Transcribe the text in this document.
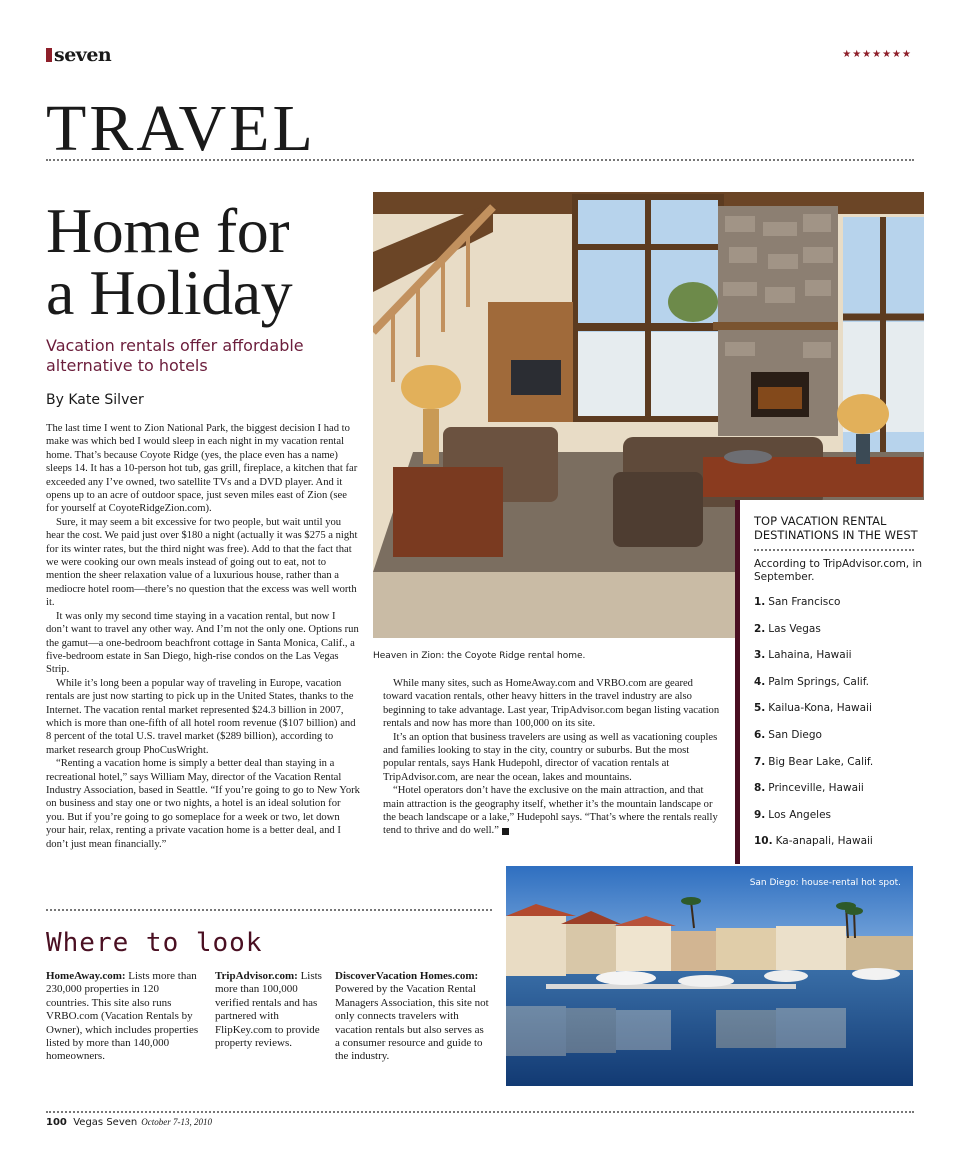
seven	★★★★★★★
TRAVEL
Home for
a Holiday
Vacation rentals offer affordable
alternative to hotels
By Kate Silver

The last time I went to Zion National Park, the biggest decision I had to make was which bed I would sleep in each night in my vacation rental home. That’s because Coyote Ridge (yes, the place even has a name) sleeps 14. It has a 10-person hot tub, gas grill, fireplace, a kitchen that far exceeded any I’ve owned, two satellite TVs and a DVD player. And it opens up to an acre of outdoor space, just seven miles east of Zion (see for yourself at CoyoteRidgeZion.com).

Sure, it may seem a bit excessive for two people, but wait until you hear the cost. We paid just over $180 a night (actually it was $275 a night for its winter rates, but the third night was free). Add to that the fact that we were cooking our own meals instead of going out to eat, not to mention the sheer relaxation value of a luxurious house, rather than a mediocre hotel room—there’s no question that the excess was well worth it.

It was only my second time staying in a vacation rental, but now I don’t want to travel any other way. And I’m not the only one. Options run the gamut—a one-bedroom beachfront cottage in Santa Monica, Calif., a five-bedroom estate in San Diego, high-rise condos on the Las Vegas Strip.

While it’s long been a popular way of traveling in Europe, vacation rentals are just now starting to pick up in the United States, thanks to the Internet. The vacation rental market represented $24.3 billion in 2007, which is more than one-fifth of all hotel room revenue ($107 billion) and 8 percent of the total U.S. travel market ($289 billion), according to market research group PhoCusWright.

“Renting a vacation home is simply a better deal than staying in a recreational hotel,” says William May, director of the Vacation Rental Industry Association, based in Seattle. “If you’re going to go to New York on business and stay one or two nights, a hotel is an ideal solution for you. But if you’re going to go someplace for a week or two, let down your hair, relax, renting a private vacation home is a better deal, and I don’t just mean financially.”

Heaven in Zion: the Coyote Ridge rental home.

While many sites, such as HomeAway.com and VRBO.com are geared toward vacation rentals, other heavy hitters in the travel industry are also beginning to take advantage. Last year, TripAdvisor.com began listing vacation rentals and now has more than 100,000 on its site.

It’s an option that business travelers are using as well as vacationing couples and families looking to stay in the city, country or suburbs. But the most popular rentals, says Hank Hudepohl, director of vacation rentals at TripAdvisor.com, are near the ocean, lakes and mountains.

“Hotel operators don’t have the exclusive on the main attraction, and that main attraction is the geography itself, whether it’s the mountain landscape or the beach landscape or a lake,” Hudepohl says. “That’s where the rentals really tend to thrive and do well.”

TOP VACATION RENTAL DESTINATIONS IN THE WEST
According to TripAdvisor.com, in September.
1. San Francisco
2. Las Vegas
3. Lahaina, Hawaii
4. Palm Springs, Calif.
5. Kailua-Kona, Hawaii
6. San Diego
7. Big Bear Lake, Calif.
8. Princeville, Hawaii
9. Los Angeles
10. Ka-anapali, Hawaii
San Diego: house-rental hot spot.
Where to look
HomeAway.com: Lists more than 230,000 properties in 120 countries. This site also runs VRBO.com (Vacation Rentals by Owner), which includes properties listed by more than 140,000 homeowners.
TripAdvisor.com: Lists more than 100,000 verified rentals and has partnered with FlipKey.com to provide property reviews.
DiscoverVacation Homes.com: Powered by the Vacation Rental Managers Association, this site not only connects travelers with vacation rentals but also serves as a consumer resource and guide to the industry.
100 Vegas Seven October 7-13, 2010
